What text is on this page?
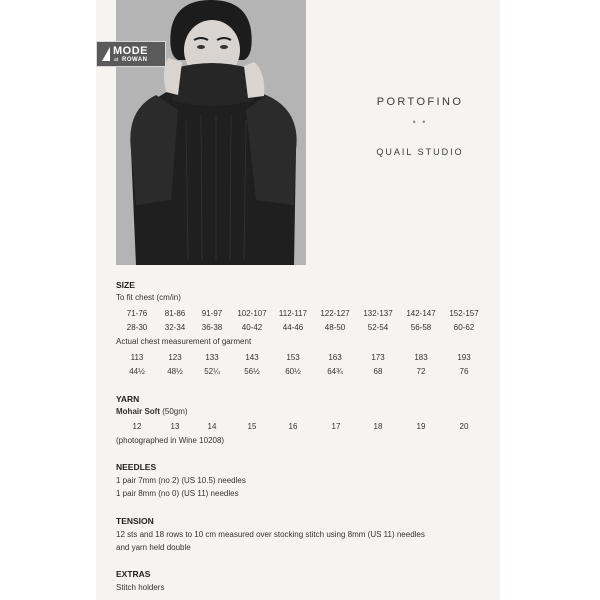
MODE
at ROWAN
PORTOFINO
• •
QUAIL STUDIO
SIZE
To fit chest (cm/in)
71-76	81-86	91-97	102-107	112-117	122-127	132-137	142-147	152-157
28-30	32-34	36-38	40-42	44-46	48-50	52-54	56-58	60-62
Actual chest measurement of garment
113	123	133	143	153	163	173	183	193
44½	48½	52¼	56½	60½	64¾	68	72	76
YARN
Mohair Soft (50gm)
12	13	14	15	16	17	18	19	20
(photographed in Wine 10208)
NEEDLES
1 pair 7mm (no 2) (US 10.5) needles
1 pair 8mm (no 0) (US 11) needles
TENSION
12 sts and 18 rows to 10 cm measured over stocking stitch using 8mm (US 11) needles
and yarn held double
EXTRAS
Stitch holders
